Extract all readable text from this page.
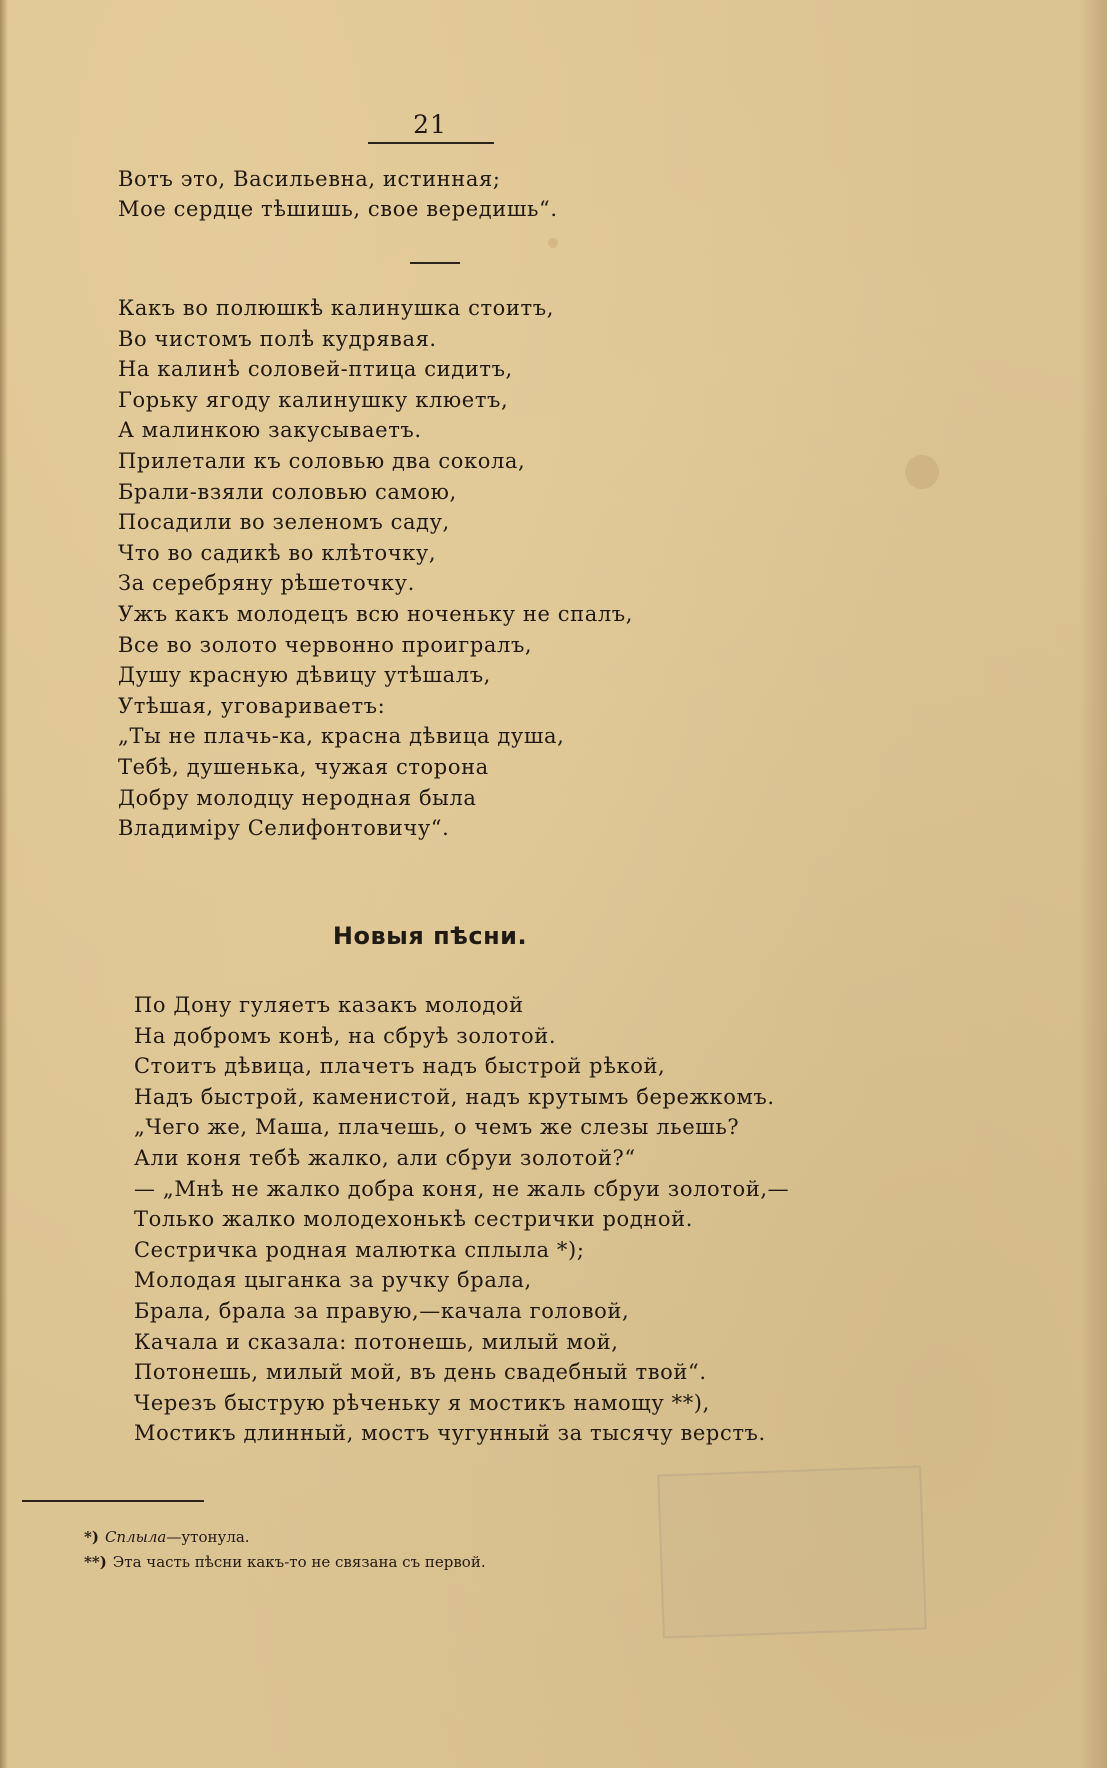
21
Вотъ это, Васильевна, истинная;
Мое сердце тѣшишь, свое вередишь“.
Какъ во полюшкѣ калинушка стоитъ,
Во чистомъ полѣ кудрявая.
На калинѣ соловей-птица сидитъ,
Горьку ягоду калинушку клюетъ,
А малинкою закусываетъ.
Прилетали къ соловью два сокола,
Брали-взяли соловью самою,
Посадили во зеленомъ саду,
Что во садикѣ во клѣточку,
За серебряну рѣшеточку.
Ужъ какъ молодецъ всю ноченьку не спалъ,
Все во золото червонно проигралъ,
Душу красную дѣвицу утѣшалъ,
Утѣшая, уговариваетъ:
„Ты не плачь-ка, красна дѣвица душа,
Тебѣ, душенька, чужая сторона
Добру молодцу неродная была
Владиміру Селифонтовичу“.
Новыя пѣсни.
По Дону гуляетъ казакъ молодой
На добромъ конѣ, на сбруѣ золотой.
Стоитъ дѣвица, плачетъ надъ быстрой рѣкой,
Надъ быстрой, каменистой, надъ крутымъ бережкомъ.
„Чего же, Маша, плачешь, о чемъ же слезы льешь?
Али коня тебѣ жалко, али сбруи золотой?“
— „Мнѣ не жалко добра коня, не жаль сбруи золотой,—
Только жалко молодехонькѣ сестрички родной.
Сестричка родная малютка сплыла *);
Молодая цыганка за ручку брала,
Брала, брала за правую,—качала головой,
Качала и сказала: потонешь, милый мой,
Потонешь, милый мой, въ день свадебный твой“.
Черезъ быструю рѣченьку я мостикъ намощу **),
Мостикъ длинный, мостъ чугунный за тысячу верстъ.
*) Сплыла—утонула.
**) Эта часть пѣсни какъ-то не связана съ первой.
